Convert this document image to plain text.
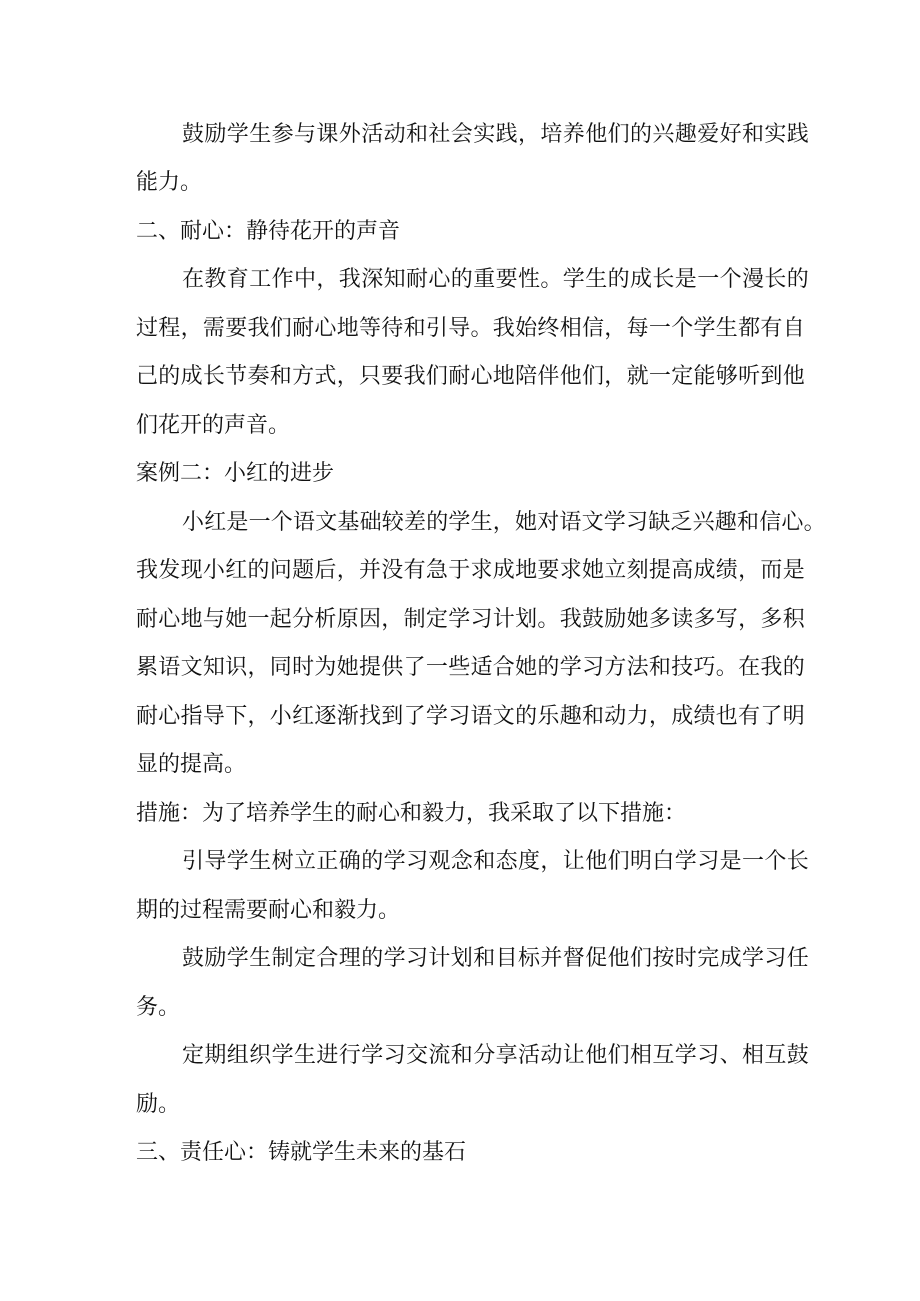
鼓励学生参与课外活动和社会实践，培养他们的兴趣爱好和实践
能力。
二、耐心：静待花开的声音
在教育工作中，我深知耐心的重要性。学生的成长是一个漫长的
过程，需要我们耐心地等待和引导。我始终相信，每一个学生都有自
己的成长节奏和方式，只要我们耐心地陪伴他们，就一定能够听到他
们花开的声音。
案例二：小红的进步
小红是一个语文基础较差的学生，她对语文学习缺乏兴趣和信心。
我发现小红的问题后，并没有急于求成地要求她立刻提高成绩，而是
耐心地与她一起分析原因，制定学习计划。我鼓励她多读多写，多积
累语文知识，同时为她提供了一些适合她的学习方法和技巧。在我的
耐心指导下，小红逐渐找到了学习语文的乐趣和动力，成绩也有了明
显的提高。
措施：为了培养学生的耐心和毅力，我采取了以下措施：
引导学生树立正确的学习观念和态度，让他们明白学习是一个长
期的过程需要耐心和毅力。
鼓励学生制定合理的学习计划和目标并督促他们按时完成学习任
务。
定期组织学生进行学习交流和分享活动让他们相互学习、相互鼓
励。
三、责任心：铸就学生未来的基石
